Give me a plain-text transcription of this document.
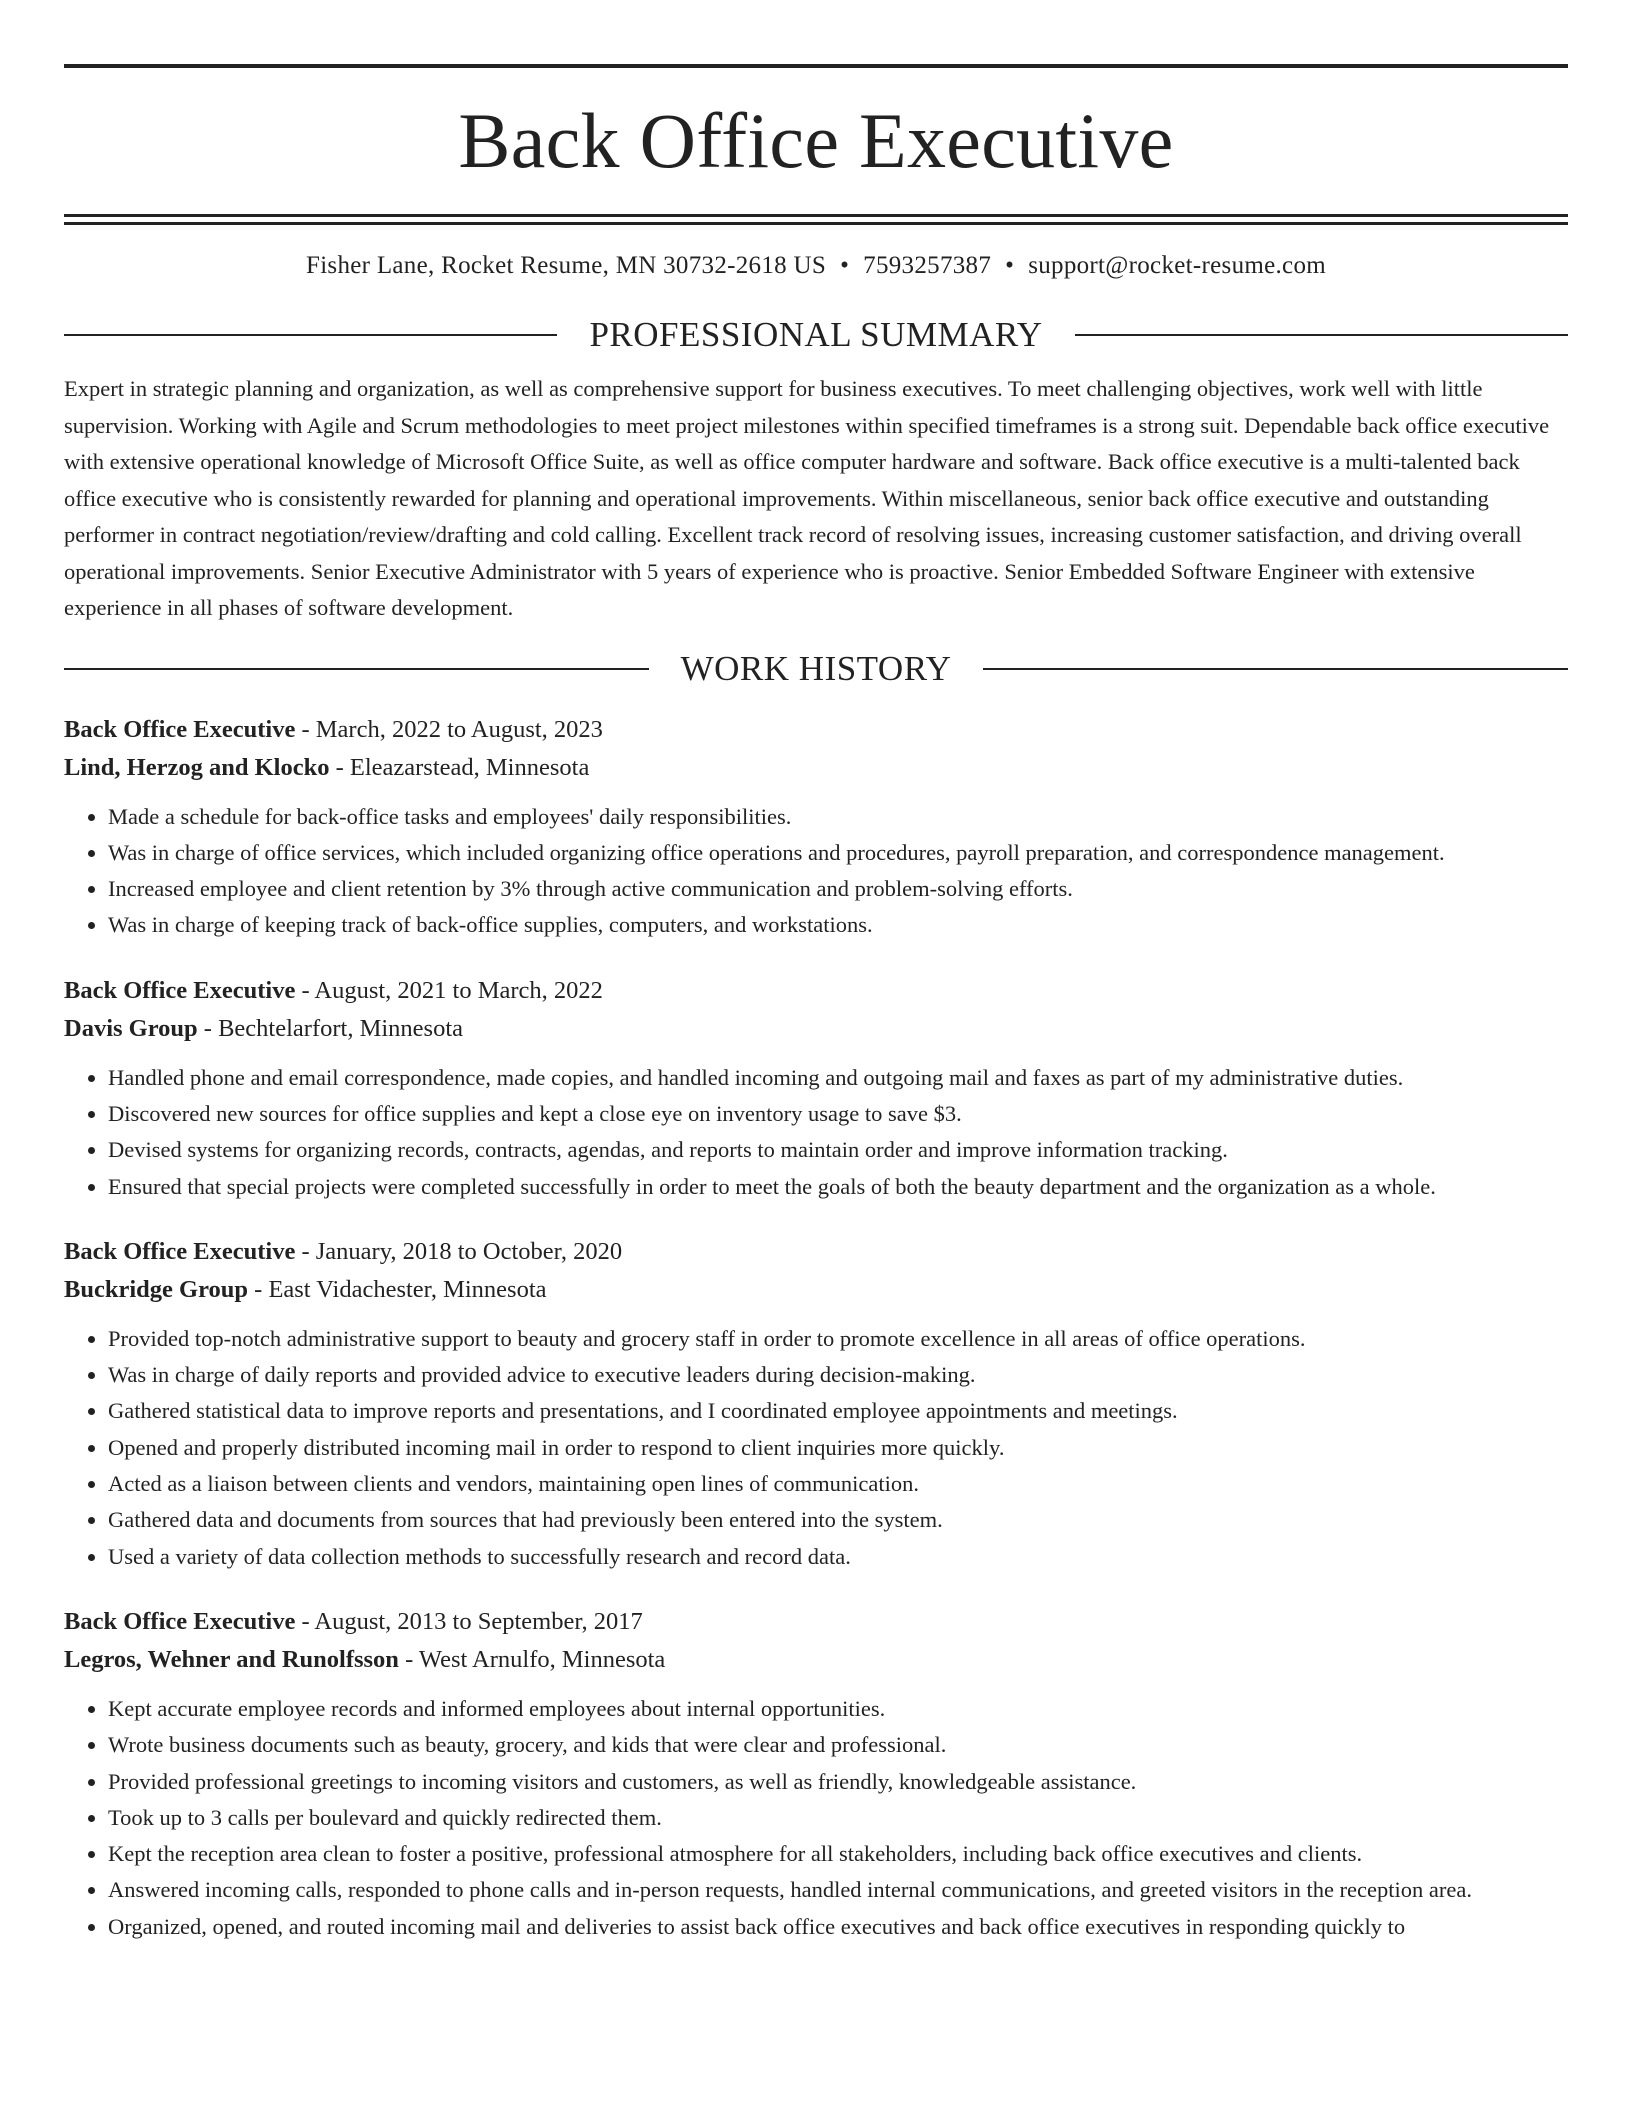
Back Office Executive
Fisher Lane, Rocket Resume, MN 30732-2618 US • 7593257387 • support@rocket-resume.com
PROFESSIONAL SUMMARY
Expert in strategic planning and organization, as well as comprehensive support for business executives. To meet challenging objectives, work well with little supervision. Working with Agile and Scrum methodologies to meet project milestones within specified timeframes is a strong suit. Dependable back office executive with extensive operational knowledge of Microsoft Office Suite, as well as office computer hardware and software. Back office executive is a multi-talented back office executive who is consistently rewarded for planning and operational improvements. Within miscellaneous, senior back office executive and outstanding performer in contract negotiation/review/drafting and cold calling. Excellent track record of resolving issues, increasing customer satisfaction, and driving overall operational improvements. Senior Executive Administrator with 5 years of experience who is proactive. Senior Embedded Software Engineer with extensive experience in all phases of software development.
WORK HISTORY
Back Office Executive - March, 2022 to August, 2023
Lind, Herzog and Klocko - Eleazarstead, Minnesota
• Made a schedule for back-office tasks and employees' daily responsibilities.
• Was in charge of office services, which included organizing office operations and procedures, payroll preparation, and correspondence management.
• Increased employee and client retention by 3% through active communication and problem-solving efforts.
• Was in charge of keeping track of back-office supplies, computers, and workstations.
Back Office Executive - August, 2021 to March, 2022
Davis Group - Bechtelarfort, Minnesota
• Handled phone and email correspondence, made copies, and handled incoming and outgoing mail and faxes as part of my administrative duties.
• Discovered new sources for office supplies and kept a close eye on inventory usage to save $3.
• Devised systems for organizing records, contracts, agendas, and reports to maintain order and improve information tracking.
• Ensured that special projects were completed successfully in order to meet the goals of both the beauty department and the organization as a whole.
Back Office Executive - January, 2018 to October, 2020
Buckridge Group - East Vidachester, Minnesota
• Provided top-notch administrative support to beauty and grocery staff in order to promote excellence in all areas of office operations.
• Was in charge of daily reports and provided advice to executive leaders during decision-making.
• Gathered statistical data to improve reports and presentations, and I coordinated employee appointments and meetings.
• Opened and properly distributed incoming mail in order to respond to client inquiries more quickly.
• Acted as a liaison between clients and vendors, maintaining open lines of communication.
• Gathered data and documents from sources that had previously been entered into the system.
• Used a variety of data collection methods to successfully research and record data.
Back Office Executive - August, 2013 to September, 2017
Legros, Wehner and Runolfsson - West Arnulfo, Minnesota
• Kept accurate employee records and informed employees about internal opportunities.
• Wrote business documents such as beauty, grocery, and kids that were clear and professional.
• Provided professional greetings to incoming visitors and customers, as well as friendly, knowledgeable assistance.
• Took up to 3 calls per boulevard and quickly redirected them.
• Kept the reception area clean to foster a positive, professional atmosphere for all stakeholders, including back office executives and clients.
• Answered incoming calls, responded to phone calls and in-person requests, handled internal communications, and greeted visitors in the reception area.
• Organized, opened, and routed incoming mail and deliveries to assist back office executives and back office executives in responding quickly to
